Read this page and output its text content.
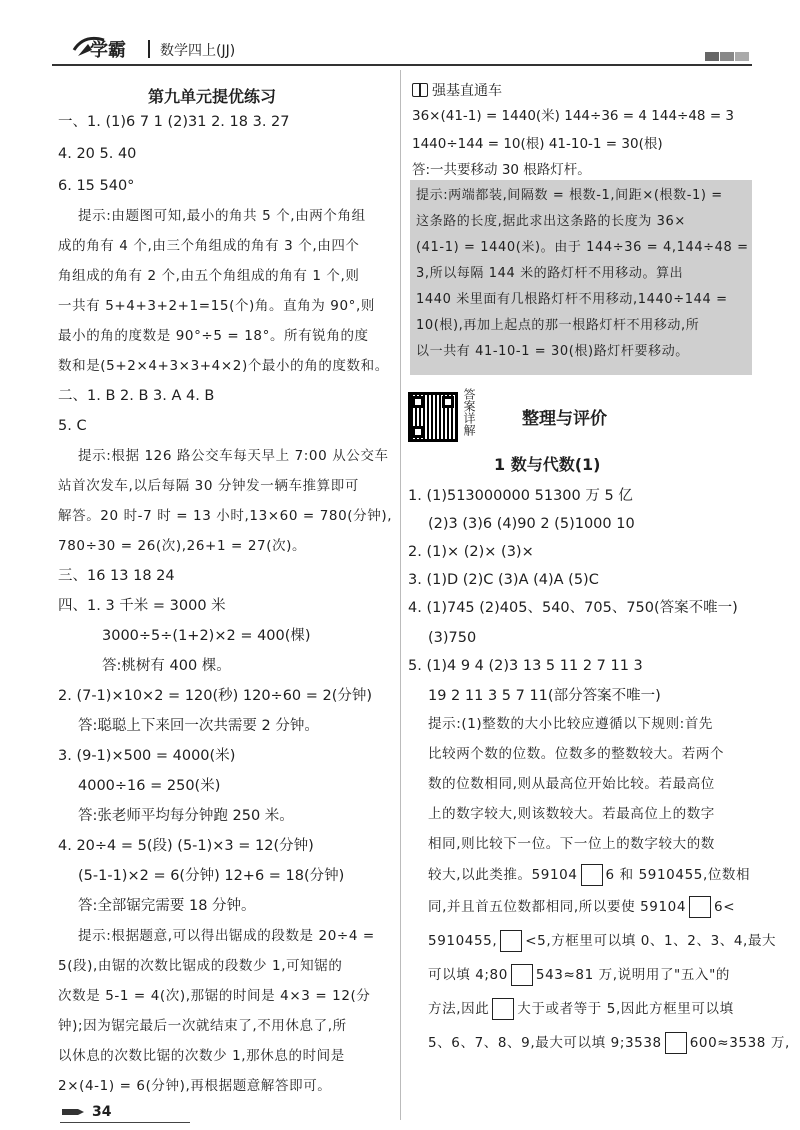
学霸 数学四上(JJ)
第九单元提优练习
一、1. (1)6 7 1 (2)31 2. 18 3. 27
4. 20 5. 40
6. 15 540°
提示:由题图可知,最小的角共 5 个,由两个角组
成的角有 4 个,由三个角组成的角有 3 个,由四个
角组成的角有 2 个,由五个角组成的角有 1 个,则
一共有 5+4+3+2+1=15(个)角。直角为 90°,则
最小的角的度数是 90°÷5 = 18°。所有锐角的度
数和是(5+2×4+3×3+4×2)个最小的角的度数和。
二、1. B 2. B 3. A 4. B
5. C
提示:根据 126 路公交车每天早上 7:00 从公交车
站首次发车,以后每隔 30 分钟发一辆车推算即可
解答。20 时-7 时 = 13 小时,13×60 = 780(分钟),
780÷30 = 26(次),26+1 = 27(次)。
三、16 13 18 24
四、1. 3 千米 = 3000 米
3000÷5÷(1+2)×2 = 400(棵)
答:桃树有 400 棵。
2. (7-1)×10×2 = 120(秒) 120÷60 = 2(分钟)
答:聪聪上下来回一次共需要 2 分钟。
3. (9-1)×500 = 4000(米)
4000÷16 = 250(米)
答:张老师平均每分钟跑 250 米。
4. 20÷4 = 5(段) (5-1)×3 = 12(分钟)
(5-1-1)×2 = 6(分钟) 12+6 = 18(分钟)
答:全部锯完需要 18 分钟。
提示:根据题意,可以得出锯成的段数是 20÷4 =
5(段),由锯的次数比锯成的段数少 1,可知锯的
次数是 5-1 = 4(次),那锯的时间是 4×3 = 12(分
钟);因为锯完最后一次就结束了,不用休息了,所
以休息的次数比锯的次数少 1,那休息的时间是
2×(4-1) = 6(分钟),再根据题意解答即可。
强基直通车
36×(41-1) = 1440(米) 144÷36 = 4 144÷48 = 3
1440÷144 = 10(根) 41-10-1 = 30(根)
答:一共要移动 30 根路灯杆。
提示:两端都装,间隔数 = 根数-1,间距×(根数-1) =
这条路的长度,据此求出这条路的长度为 36×
(41-1) = 1440(米)。由于 144÷36 = 4,144÷48 =
3,所以每隔 144 米的路灯杆不用移动。算出
1440 米里面有几根路灯杆不用移动,1440÷144 =
10(根),再加上起点的那一根路灯杆不用移动,所
以一共有 41-10-1 = 30(根)路灯杆要移动。
答案详解	整理与评价
1 数与代数(1)
1. (1)513000000 51300 万 5 亿
(2)3 (3)6 (4)90 2 (5)1000 10
2. (1)× (2)× (3)×
3. (1)D (2)C (3)A (4)A (5)C
4. (1)745 (2)405、540、705、750(答案不唯一)
(3)750
5. (1)4 9 4 (2)3 13 5 11 2 7 11 3
19 2 11 3 5 7 11(部分答案不唯一)
提示:(1)整数的大小比较应遵循以下规则:首先
比较两个数的位数。位数多的整数较大。若两个
数的位数相同,则从最高位开始比较。若最高位
上的数字较大,则该数较大。若最高位上的数字
相同,则比较下一位。下一位上的数字较大的数
较大,以此类推。59104 6 和 5910455,位数相
同,并且首五位数都相同,所以要使 59104 6<
5910455, <5,方框里可以填 0、1、2、3、4,最大
可以填 4;80 543≈81 万,说明用了"五入"的
方法,因此 大于或者等于 5,因此方框里可以填
5、6、7、8、9,最大可以填 9;3538 600≈3538 万,
34
